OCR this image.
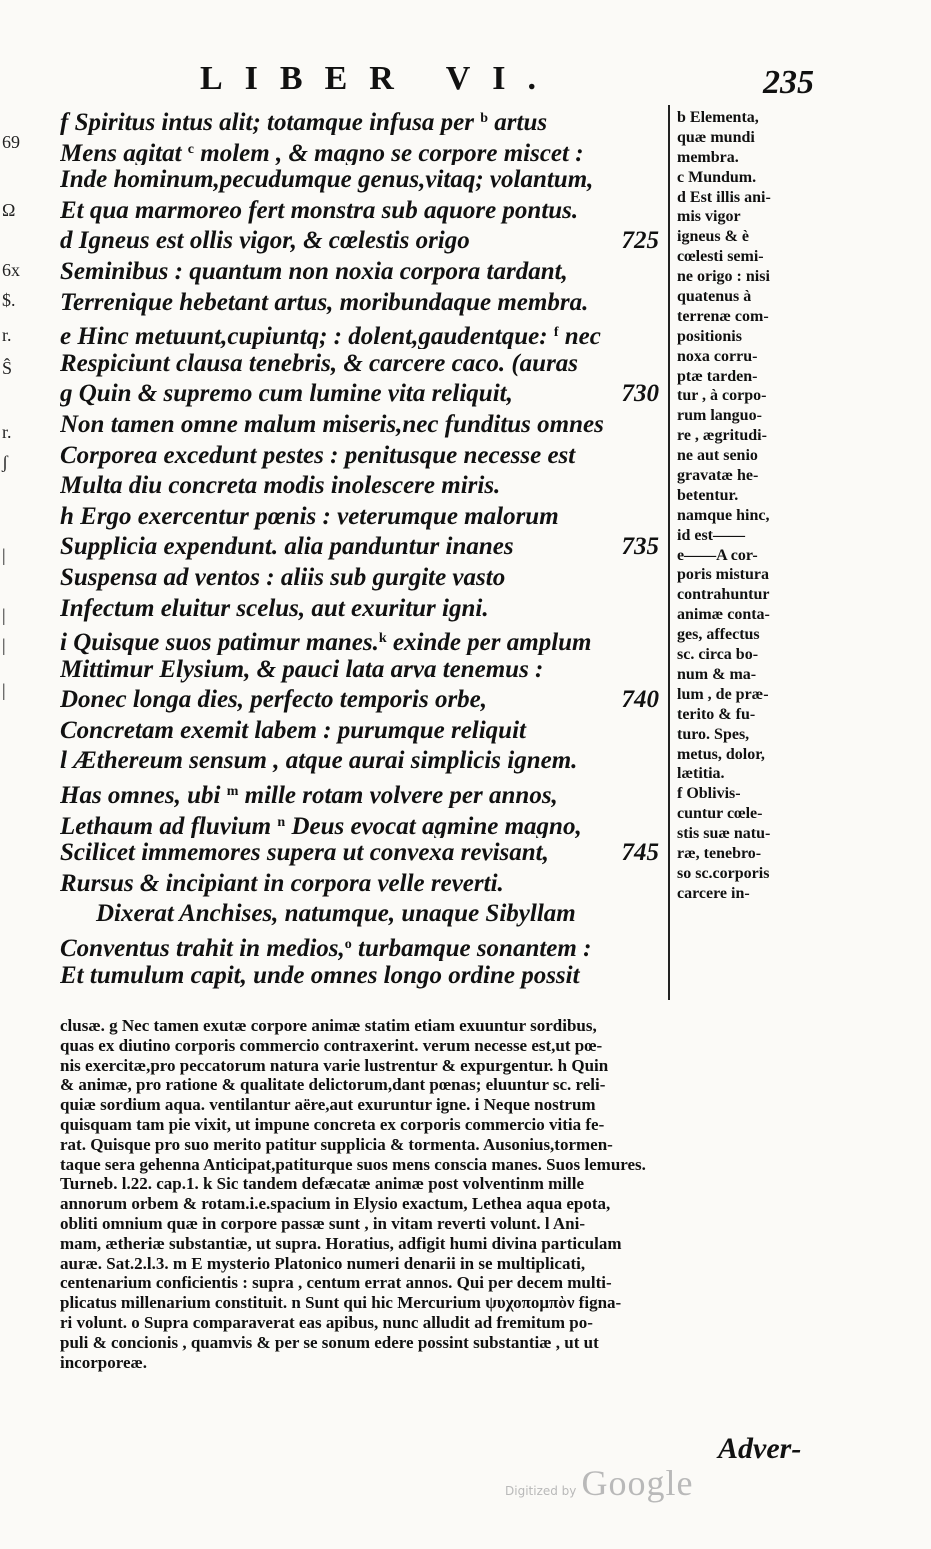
LIBER VI.	235
69
Ω
6x
$.
r.
Ŝ
r.
ʃ
|
|
|
|
f Spiritus intus alit; totamque infusa per $^b$ artus
Mens agitat $^c$ molem , & magno se corpore miscet :
Inde hominum,pecudumque genus,vitaq; volantum,
Et qua marmoreo fert monstra sub aquore pontus.
d Igneus est ollis vigor, & cœlestis origo	725
Seminibus : quantum non noxia corpora tardant,
Terrenique hebetant artus, moribundaque membra.
e Hinc metuunt,cupiuntq; : dolent,gaudentque: $^f$ nec
Respiciunt clausa tenebris, & carcere caco. (auras
g Quin & supremo cum lumine vita reliquit,	730
Non tamen omne malum miseris,nec funditus omnes
Corporea excedunt pestes : penitusque necesse est
Multa diu concreta modis inolescere miris.
h Ergo exercentur pœnis : veterumque malorum
Supplicia expendunt. alia panduntur inanes	735
Suspensa ad ventos : aliis sub gurgite vasto
Infectum eluitur scelus, aut exuritur igni.
i Quisque suos patimur manes.$^k$ exinde per amplum
Mittimur Elysium, & pauci lata arva tenemus :
Donec longa dies, perfecto temporis orbe,	740
Concretam exemit labem : purumque reliquit
l Æthereum sensum , atque aurai simplicis ignem.
Has omnes, ubi $^m$ mille rotam volvere per annos,
Lethaum ad fluvium $^n$ Deus evocat agmine magno,
Scilicet immemores supera ut convexa revisant,	745
Rursus & incipiant in corpora velle reverti.
Dixerat Anchises, natumque, unaque Sibyllam
Conventus trahit in medios,$^o$ turbamque sonantem :
Et tumulum capit, unde omnes longo ordine possit
b Elementa,
quæ mundi
membra.
c Mundum.
d Est illis ani-
mis vigor
igneus & è
cœlesti semi-
ne origo : nisi
quatenus à
terrenæ com-
positionis
noxa corru-
ptæ tarden-
tur , à corpo-
rum languo-
re , ægritudi-
ne aut senio
gravatæ he-
betentur.
namque hinc,
id est——
e——A cor-
poris mistura
contrahuntur
animæ conta-
ges, affectus
sc. circa bo-
num & ma-
lum , de præ-
terito & fu-
turo. Spes,
metus, dolor,
lætitia.
f Oblivis-
cuntur cœle-
stis suæ natu-
ræ, tenebro-
so sc.corporis
carcere in-
clusæ. g Nec tamen exutæ corpore animæ statim etiam exuuntur sordibus,
quas ex diutino corporis commercio contraxerint. verum necesse est,ut pœ-
nis exercitæ,pro peccatorum natura varie lustrentur & expurgentur. h Quin
& animæ, pro ratione & qualitate delictorum,dant pœnas; eluuntur sc. reli-
quiæ sordium aqua. ventilantur aëre,aut exuruntur igne. i Neque nostrum
quisquam tam pie vixit, ut impune concreta ex corporis commercio vitia fe-
rat. Quisque pro suo merito patitur supplicia & tormenta. Ausonius,tormen-
taque sera gehenna Anticipat,patiturque suos mens conscia manes. Suos lemures.
Turneb. l.22. cap.1. k Sic tandem defæcatæ animæ post volventinm mille
annorum orbem & rotam.i.e.spacium in Elysio exactum, Lethea aqua epota,
obliti omnium quæ in corpore passæ sunt , in vitam reverti volunt. l Ani-
mam, ætheriæ substantiæ, ut supra. Horatius, adfigit humi divina particulam
auræ. Sat.2.l.3. m E mysterio Platonico numeri denarii in se multiplicati,
centenarium conficientis : supra , centum errat annos. Qui per decem multi-
plicatus millenarium constituit. n Sunt qui hic Mercurium ψυχοπομπὸν figna-
ri volunt. o Supra comparaverat eas apibus, nunc alludit ad fremitum po-
puli & concionis , quamvis & per se sonum edere possint substantiæ , ut ut
incorporeæ.
Adver-
Digitized by Google
